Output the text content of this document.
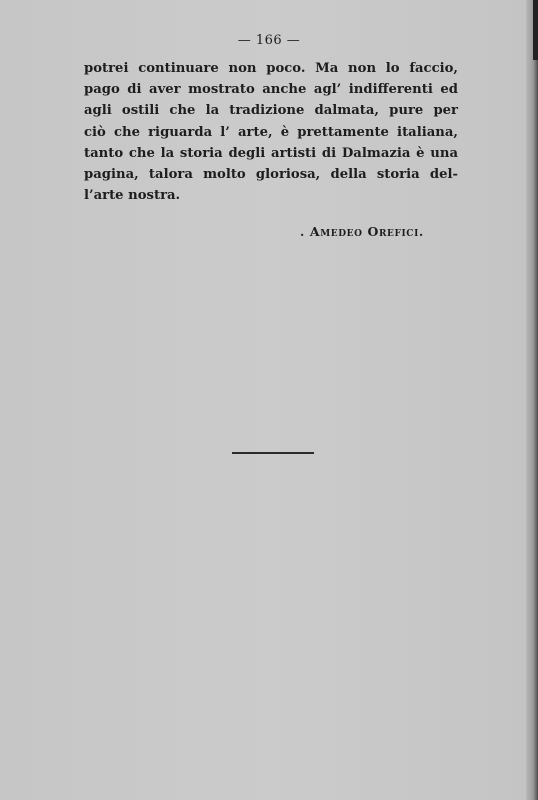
— 166 —
potrei continuare non poco. Ma non lo faccio,
pago di aver mostrato anche agl’ indifferenti ed
agli ostili che la tradizione dalmata, pure per
ciò che riguarda l’ arte, è prettamente italiana,
tanto che la storia degli artisti di Dalmazia è una
pagina, talora molto gloriosa, della storia del-
l’arte nostra.
. Amedeo Orefici.
